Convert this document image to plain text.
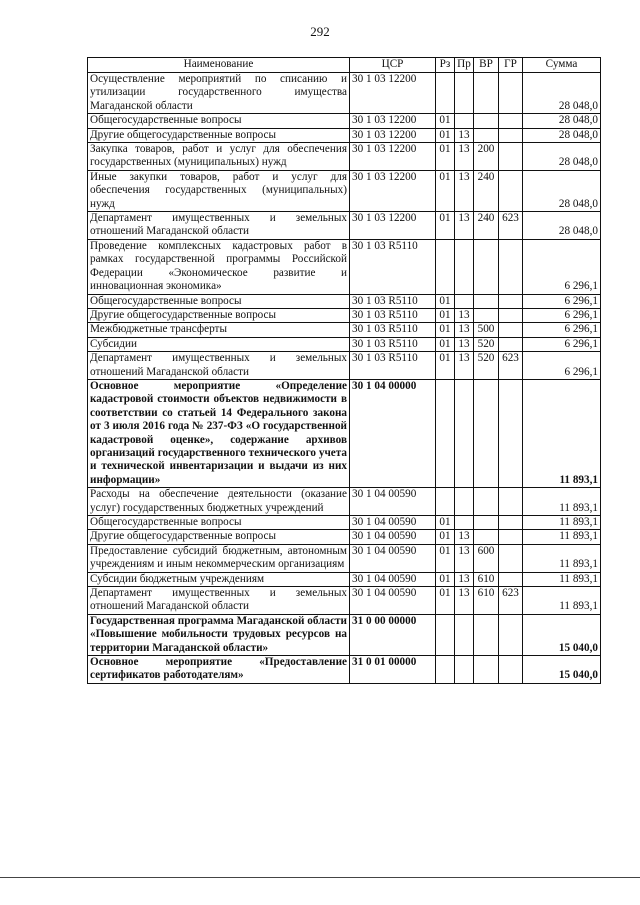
292
Наименование	ЦСР	Рз	Пр	ВР	ГР	Сумма
Осуществление мероприятий по списанию и утилизации государственного имущества Магаданской области	30 1 03 12200					28 048,0
Общегосударственные вопросы	30 1 03 12200	01				28 048,0
Другие общегосударственные вопросы	30 1 03 12200	01	13			28 048,0
Закупка товаров, работ и услуг для обеспечения государственных (муниципальных) нужд	30 1 03 12200	01	13	200		28 048,0
Иные закупки товаров, работ и услуг для обеспечения государственных (муниципальных) нужд	30 1 03 12200	01	13	240		28 048,0
Департамент имущественных и земельных отношений Магаданской области	30 1 03 12200	01	13	240	623	28 048,0
Проведение комплексных кадастровых работ в рамках государственной программы Российской Федерации «Экономическое развитие и инновационная экономика»	30 1 03 R5110					6 296,1
Общегосударственные вопросы	30 1 03 R5110	01				6 296,1
Другие общегосударственные вопросы	30 1 03 R5110	01	13			6 296,1
Межбюджетные трансферты	30 1 03 R5110	01	13	500		6 296,1
Субсидии	30 1 03 R5110	01	13	520		6 296,1
Департамент имущественных и земельных отношений Магаданской области	30 1 03 R5110	01	13	520	623	6 296,1
Основное мероприятие «Определение кадастровой стоимости объектов недвижимости в соответствии со статьей 14 Федерального закона от 3 июля 2016 года № 237-ФЗ «О государственной кадастровой оценке», содержание архивов организаций государственного технического учета и технической инвентаризации и выдачи из них информации»	30 1 04 00000					11 893,1
Расходы на обеспечение деятельности (оказание услуг) государственных бюджетных учреждений	30 1 04 00590					11 893,1
Общегосударственные вопросы	30 1 04 00590	01				11 893,1
Другие общегосударственные вопросы	30 1 04 00590	01	13			11 893,1
Предоставление субсидий бюджетным, автономным учреждениям и иным некоммерческим организациям	30 1 04 00590	01	13	600		11 893,1
Субсидии бюджетным учреждениям	30 1 04 00590	01	13	610		11 893,1
Департамент имущественных и земельных отношений Магаданской области	30 1 04 00590	01	13	610	623	11 893,1
Государственная программа Магаданской области «Повышение мобильности трудовых ресурсов на территории Магаданской области»	31 0 00 00000					15 040,0
Основное мероприятие «Предоставление сертификатов работодателям»	31 0 01 00000					15 040,0
